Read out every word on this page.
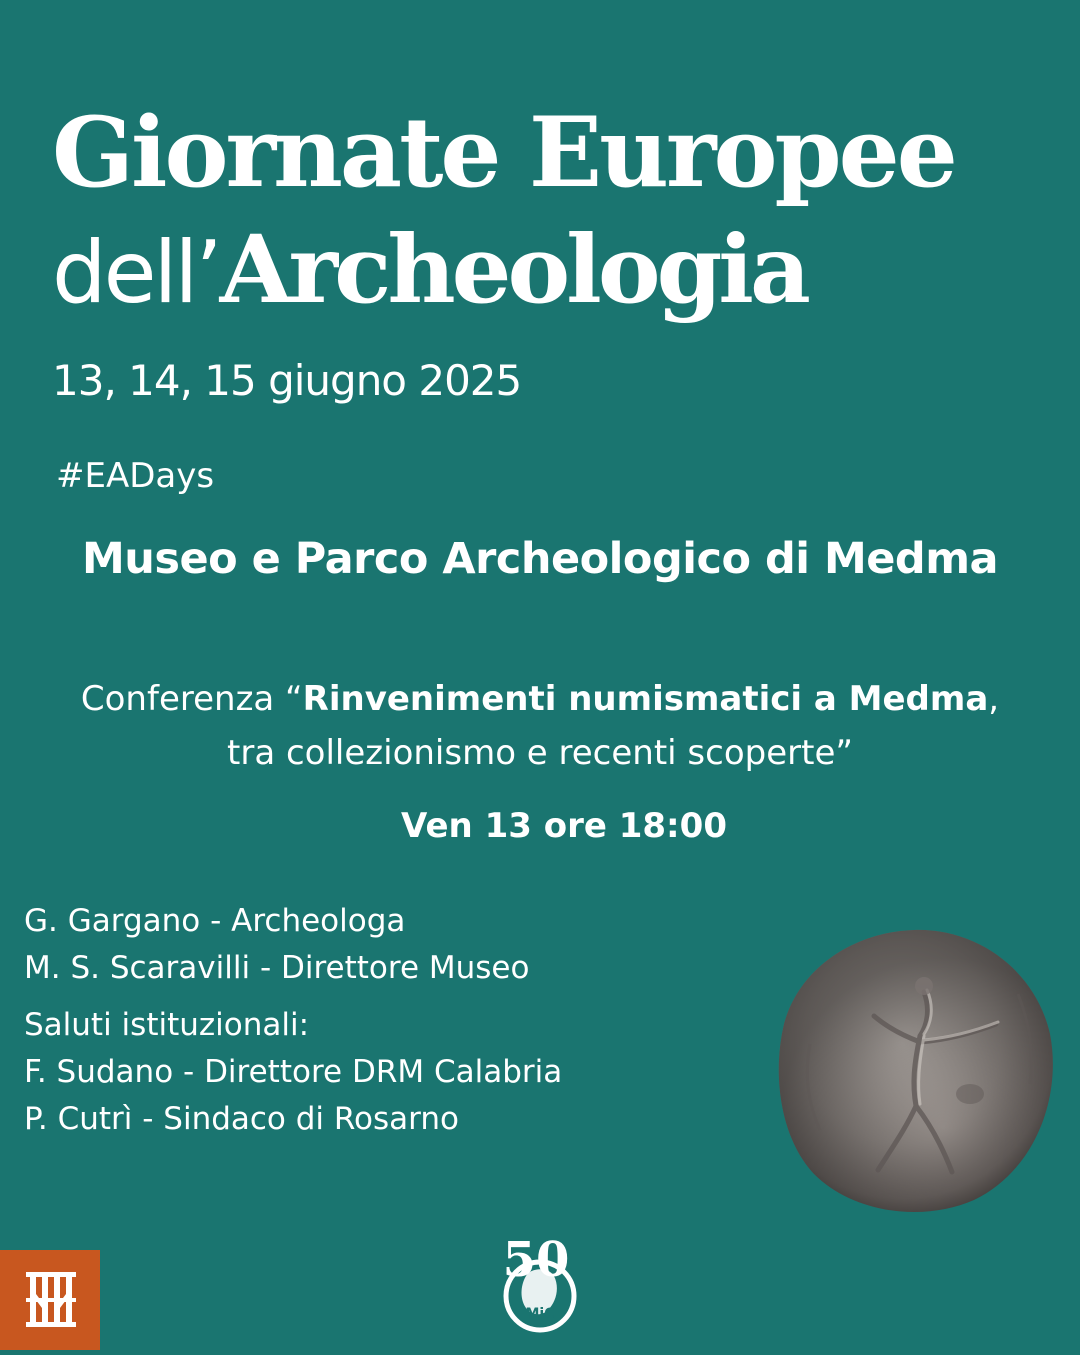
Giornate Europee
dell’Archeologia
13, 14, 15 giugno 2025
#EADays
Museo e Parco Archeologico di Medma
Conferenza “Rinvenimenti numismatici a Medma,
tra collezionismo e recenti scoperte”
Ven 13 ore 18:00
G. Gargano - Archeologa
M. S. Scaravilli - Direttore Museo
Saluti istituzionali:
F. Sudano - Direttore DRM Calabria
P. Cutrì - Sindaco di Rosarno
50
MiC
